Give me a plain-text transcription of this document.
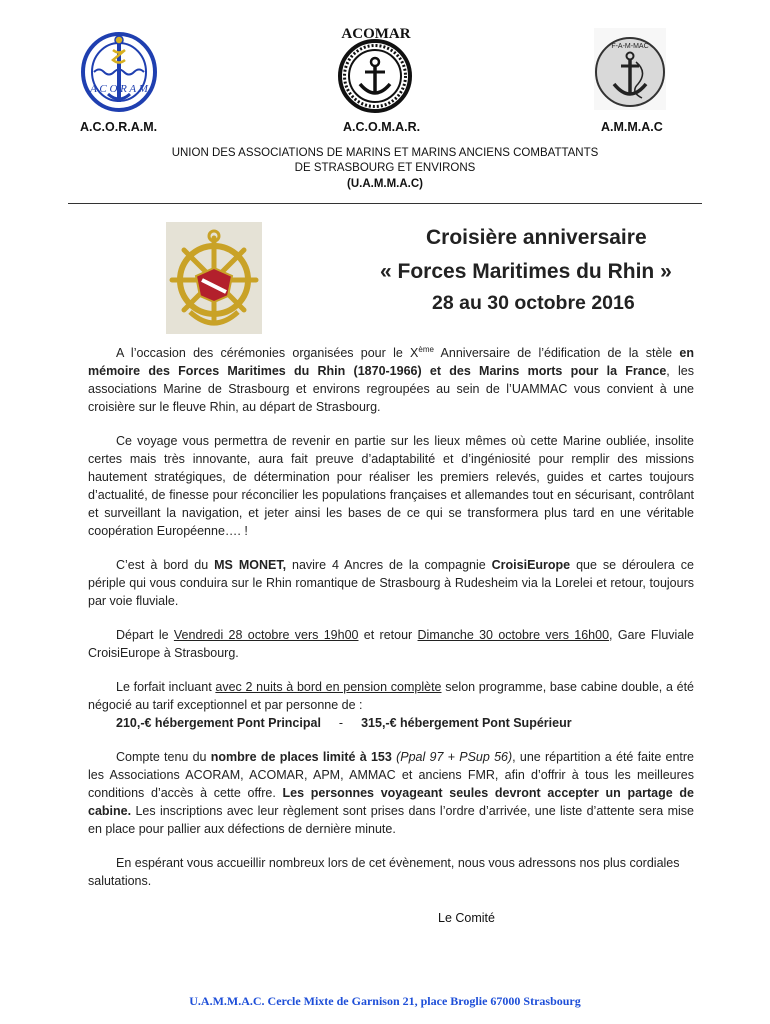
A C O R A M
ACOMAR
F-A-M-MAC
A.C.O.R.A.M.	A.C.O.M.A.R.	A.M.M.A.C
UNION DES ASSOCIATIONS DE MARINS ET MARINS ANCIENS COMBATTANTS
DE STRASBOURG ET ENVIRONS
(U.A.M.M.A.C)
Croisière anniversaire
« Forces Maritimes du Rhin »
28 au 30 octobre 2016

A l’occasion des cérémonies organisées pour le Xème Anniversaire de l’édification de la stèle en mémoire des Forces Maritimes du Rhin (1870-1966) et des Marins morts pour la France, les associations Marine de Strasbourg et environs regroupées au sein de l’UAMMAC vous convient à une croisière sur le fleuve Rhin, au départ de Strasbourg.

Ce voyage vous permettra de revenir en partie sur les lieux mêmes où cette Marine oubliée, insolite certes mais très innovante, aura fait preuve d’adaptabilité et d’ingéniosité pour remplir des missions hautement stratégiques, de détermination pour réaliser les premiers relevés, guides et cartes toujours d’actualité, de finesse pour réconcilier les populations françaises et allemandes tout en sécurisant, contrôlant et surveillant la navigation, et jeter ainsi les bases de ce qui se transformera plus tard en une véritable coopération Européenne…. !

C’est à bord du MS MONET, navire 4 Ancres de la compagnie CroisiEurope que se déroulera ce périple qui vous conduira sur le Rhin romantique de Strasbourg à Rudesheim via la Lorelei et retour, toujours par voie fluviale.

Départ le Vendredi 28 octobre vers 19h00 et retour Dimanche 30 octobre vers 16h00, Gare Fluviale CroisiEurope à Strasbourg.

Le forfait incluant avec 2 nuits à bord en pension complète selon programme, base cabine double, a été négocié au tarif exceptionnel et par personne de :
210,-€ hébergement Pont Principal - 315,-€ hébergement Pont Supérieur

Compte tenu du nombre de places limité à 153 (Ppal 97 + PSup 56), une répartition a été faite entre les Associations ACORAM, ACOMAR, APM, AMMAC et anciens FMR, afin d’offrir à tous les meilleures conditions d’accès à cette offre. Les personnes voyageant seules devront accepter un partage de cabine. Les inscriptions avec leur règlement sont prises dans l’ordre d’arrivée, une liste d’attente sera mise en place pour pallier aux défections de dernière minute.

En espérant vous accueillir nombreux lors de cet évènement, nous vous adressons nos plus cordiales salutations.

Le Comité
U.A.M.M.A.C. Cercle Mixte de Garnison 21, place Broglie 67000 Strasbourg
